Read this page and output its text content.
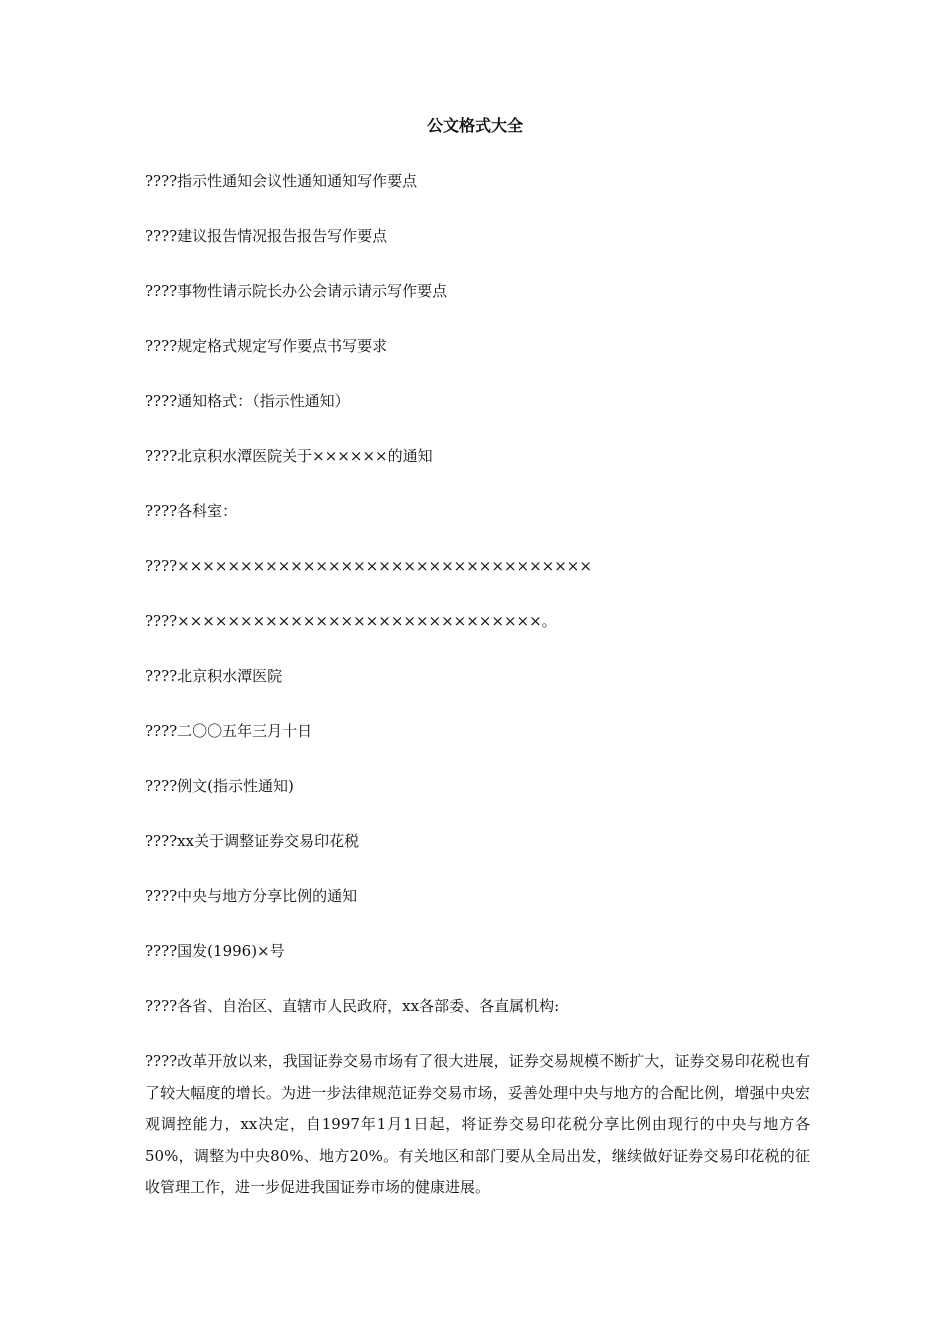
公文格式大全
????指示性通知会议性通知通知写作要点
????建议报告情况报告报告写作要点
????事物性请示院长办公会请示请示写作要点
????规定格式规定写作要点书写要求
????通知格式：（指示性通知）
????北京积水潭医院关于××××××的通知
????各科室：
????×××××××××××××××××××××××××××××××××
????×××××××××××××××××××××××××××××。
????北京积水潭医院
????二〇〇五年三月十日
????例文(指示性通知)
????xx关于调整证券交易印花税
????中央与地方分享比例的通知
????国发(1996)×号
????各省、自治区、直辖市人民政府，xx各部委、各直属机构:

????改革开放以来，我国证券交易市场有了很大进展，证券交易规模不断扩大，证券交易印花税也有了较大幅度的增长。为进一步法律规范证券交易市场，妥善处理中央与地方的合配比例，增强中央宏观调控能力，xx决定，自1997年1月1日起，将证券交易印花税分享比例由现行的中央与地方各50%，调整为中央80%、地方20%。有关地区和部门要从全局出发，继续做好证券交易印花税的征收管理工作，进一步促进我国证券市场的健康进展。
